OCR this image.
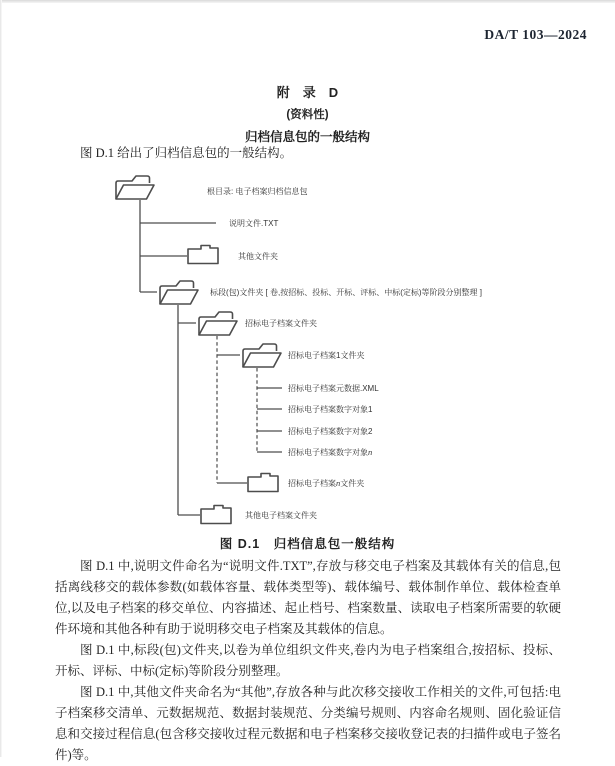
DA/T 103—2024
附　录　D
(资料性)
归档信息包的一般结构
图 D.1 给出了归档信息包的一般结构。
根目录: 电子档案归档信息包
说明文件.TXT
其他文件夹
标段(包)文件夹 [ 卷,按招标、投标、开标、评标、中标(定标)等阶段分别整理 ]
招标电子档案文件夹
招标电子档案1文件夹
招标电子档案元数据.XML
招标电子档案数字对象1
招标电子档案数字对象2
招标电子档案数字对象n
招标电子档案n文件夹
其他电子档案文件夹
图 D.1　归档信息包一般结构

图 D.1 中,说明文件命名为“说明文件.TXT”,存放与移交电子档案及其载体有关的信息,包括离线移交的载体参数(如载体容量、载体类型等)、载体编号、载体制作单位、载体检查单位,以及电子档案的移交单位、内容描述、起止档号、档案数量、读取电子档案所需要的软硬件环境和其他各种有助于说明移交电子档案及其载体的信息。

图 D.1 中,标段(包)文件夹,以卷为单位组织文件夹,卷内为电子档案组合,按招标、投标、开标、评标、中标(定标)等阶段分别整理。

图 D.1 中,其他文件夹命名为“其他”,存放各种与此次移交接收工作相关的文件,可包括:电子档案移交清单、元数据规范、数据封装规范、分类编号规则、内容命名规则、固化验证信息和交接过程信息(包含移交接收过程元数据和电子档案移交接收登记表的扫描件或电子签名件)等。
